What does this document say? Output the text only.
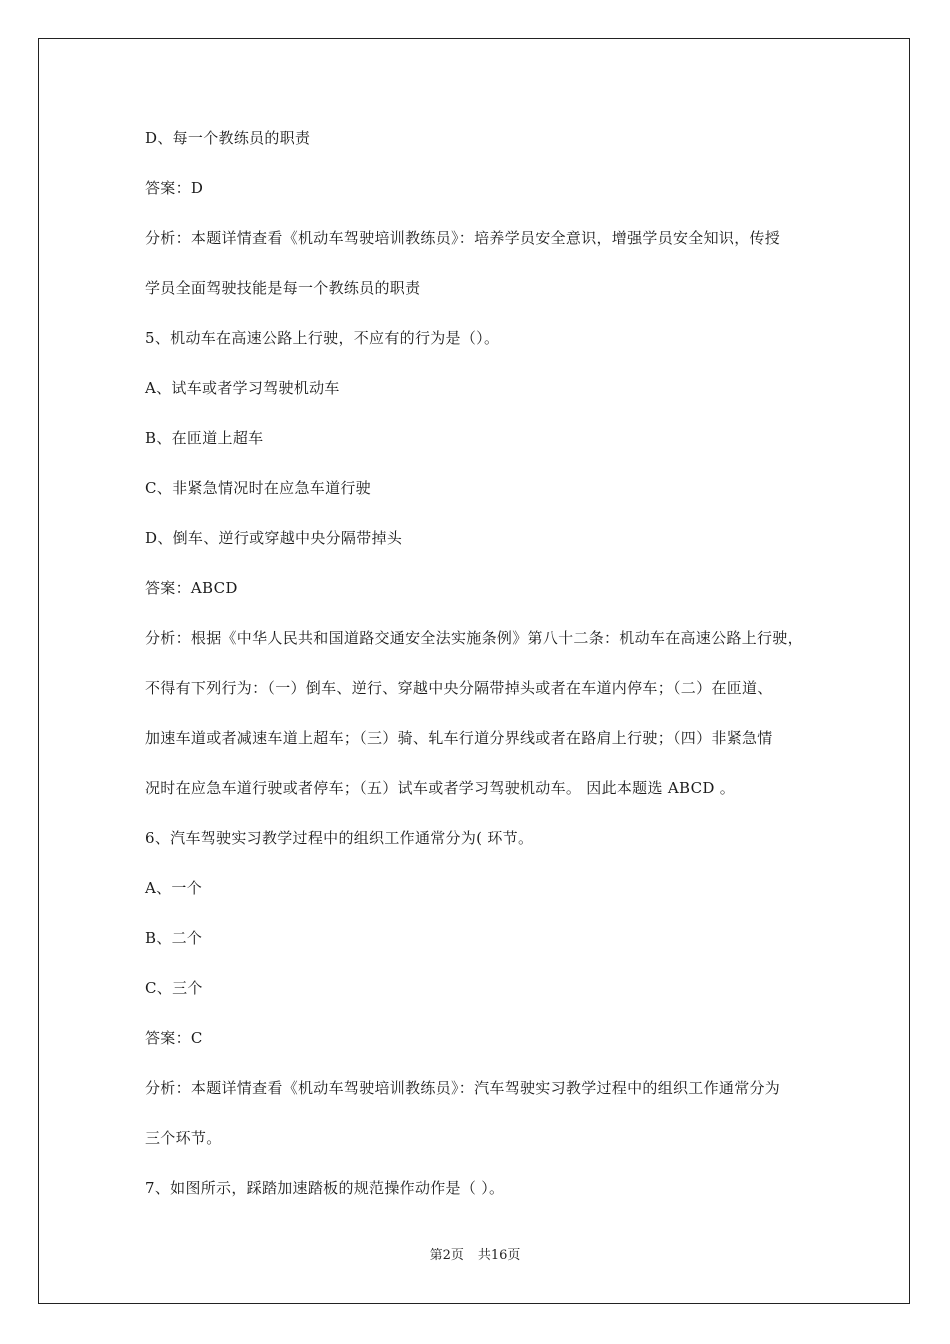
D、每一个教练员的职责
答案：D
分析：本题详情查看《机动车驾驶培训教练员》：培养学员安全意识，增强学员安全知识，传授
学员全面驾驶技能是每一个教练员的职责
5、机动车在高速公路上行驶，不应有的行为是（）。
A、试车或者学习驾驶机动车
B、在匝道上超车
C、非紧急情况时在应急车道行驶
D、倒车、逆行或穿越中央分隔带掉头
答案：ABCD
分析：根据《中华人民共和国道路交通安全法实施条例》第八十二条：机动车在高速公路上行驶，
不得有下列行为：（一）倒车、逆行、穿越中央分隔带掉头或者在车道内停车；（二）在匝道、
加速车道或者减速车道上超车；（三）骑、轧车行道分界线或者在路肩上行驶；（四）非紧急情
况时在应急车道行驶或者停车；（五）试车或者学习驾驶机动车。 因此本题选 ABCD 。
6、汽车驾驶实习教学过程中的组织工作通常分为( 环节。
A、一个
B、二个
C、三个
答案：C
分析：本题详情查看《机动车驾驶培训教练员》：汽车驾驶实习教学过程中的组织工作通常分为
三个环节。
7、如图所示，踩踏加速踏板的规范操作动作是（ ）。
第2页 共16页
